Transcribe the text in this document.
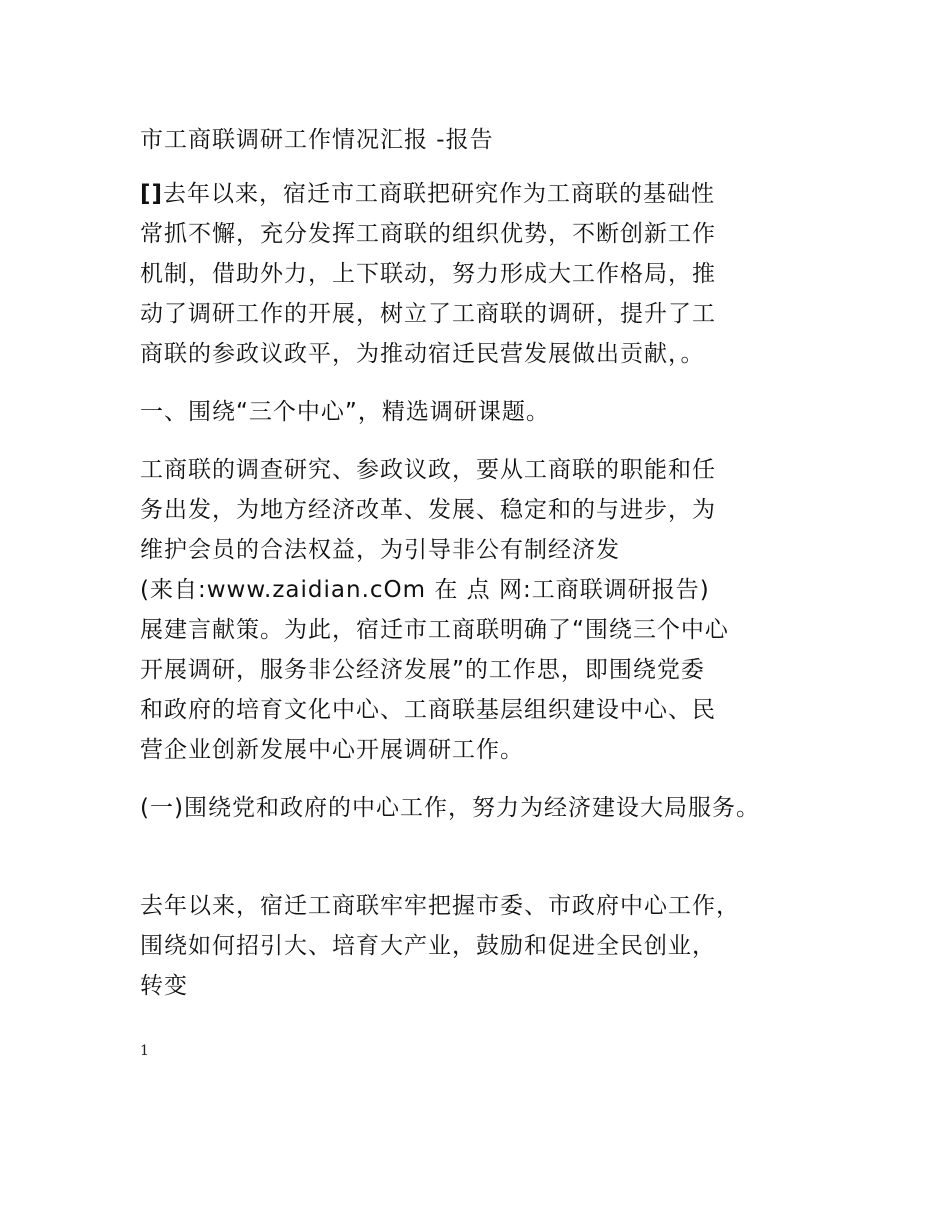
市工商联调研工作情况汇报 -报告
[]去年以来，宿迁市工商联把研究作为工商联的基础性
常抓不懈，充分发挥工商联的组织优势，不断创新工作
机制，借助外力，上下联动，努力形成大工作格局，推
动了调研工作的开展，树立了工商联的调研，提升了工
商联的参政议政平，为推动宿迁民营发展做出贡献，。
一、围绕“三个中心”，精选调研课题。
工商联的调查研究、参政议政，要从工商联的职能和任
务出发，为地方经济改革、发展、稳定和的与进步，为
维护会员的合法权益，为引导非公有制经济发
(来自:www.zaidian.cOm 在 点 网:工商联调研报告)
展建言献策。为此，宿迁市工商联明确了“围绕三个中心
开展调研，服务非公经济发展”的工作思，即围绕党委
和政府的培育文化中心、工商联基层组织建设中心、民
营企业创新发展中心开展调研工作。
(一)围绕党和政府的中心工作，努力为经济建设大局服务。
去年以来，宿迁工商联牢牢把握市委、市政府中心工作，
围绕如何招引大、培育大产业，鼓励和促进全民创业，
转变
1
